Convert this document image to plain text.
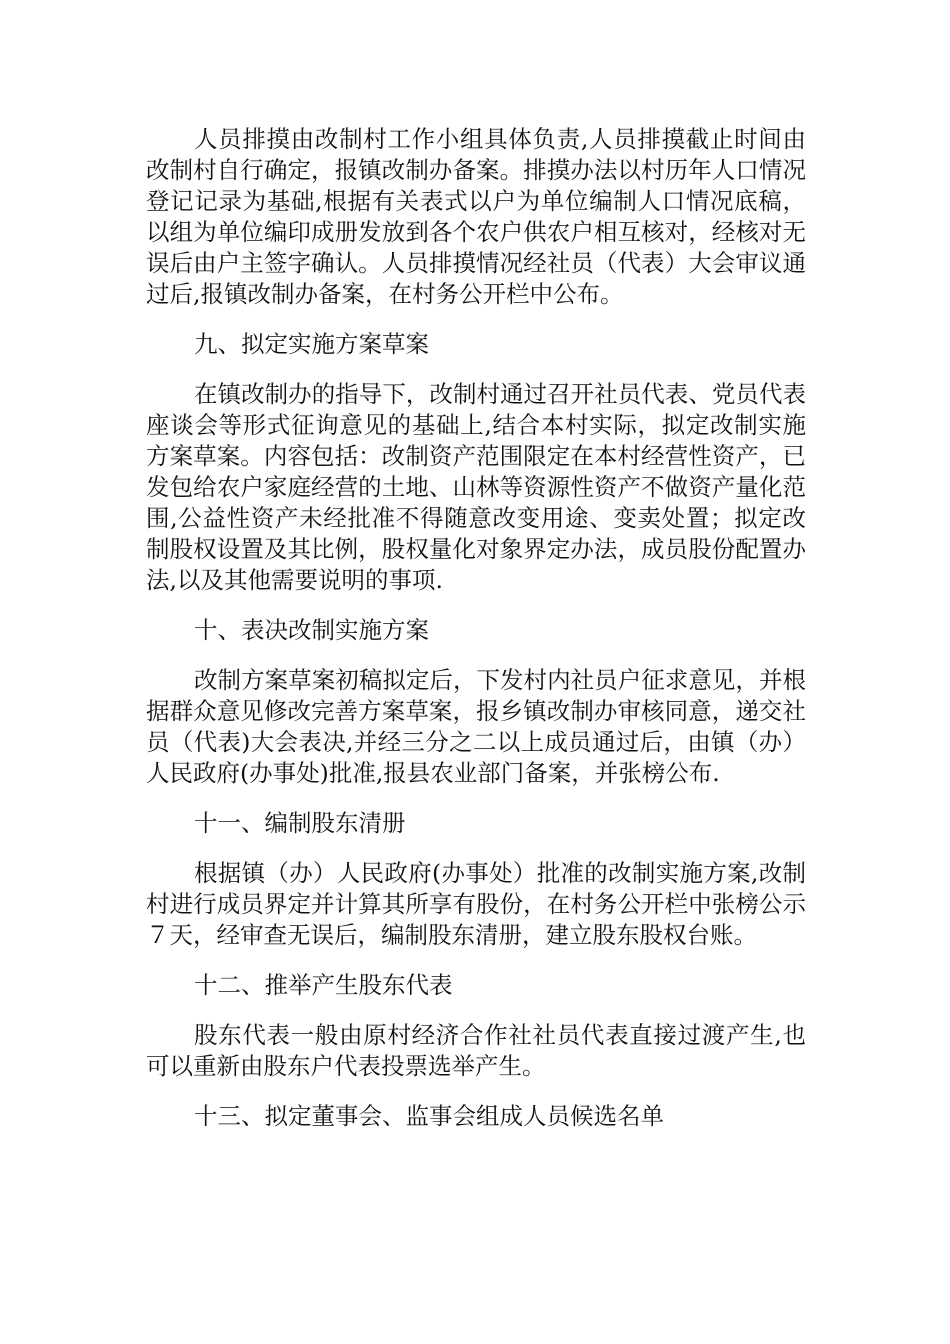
人员排摸由改制村工作小组具体负责,人员排摸截止时间由改制村自行确定，报镇改制办备案。排摸办法以村历年人口情况登记记录为基础,根据有关表式以户为单位编制人口情况底稿，以组为单位编印成册发放到各个农户供农户相互核对，经核对无误后由户主签字确认。人员排摸情况经社员（代表）大会审议通过后,报镇改制办备案，在村务公开栏中公布。

九、拟定实施方案草案

在镇改制办的指导下，改制村通过召开社员代表、党员代表座谈会等形式征询意见的基础上,结合本村实际，拟定改制实施方案草案。内容包括：改制资产范围限定在本村经营性资产，已发包给农户家庭经营的土地、山林等资源性资产不做资产量化范围,公益性资产未经批准不得随意改变用途、变卖处置；拟定改制股权设置及其比例，股权量化对象界定办法，成员股份配置办法,以及其他需要说明的事项.

十、表决改制实施方案

改制方案草案初稿拟定后，下发村内社员户征求意见，并根据群众意见修改完善方案草案，报乡镇改制办审核同意，递交社员（代表)大会表决,并经三分之二以上成员通过后，由镇（办）人民政府(办事处)批准,报县农业部门备案，并张榜公布.

十一、编制股东清册

根据镇（办）人民政府(办事处）批准的改制实施方案,改制村进行成员界定并计算其所享有股份，在村务公开栏中张榜公示７天，经审查无误后，编制股东清册，建立股东股权台账。

十二、推举产生股东代表

股东代表一般由原村经济合作社社员代表直接过渡产生,也可以重新由股东户代表投票选举产生。

十三、拟定董事会、监事会组成人员候选名单
